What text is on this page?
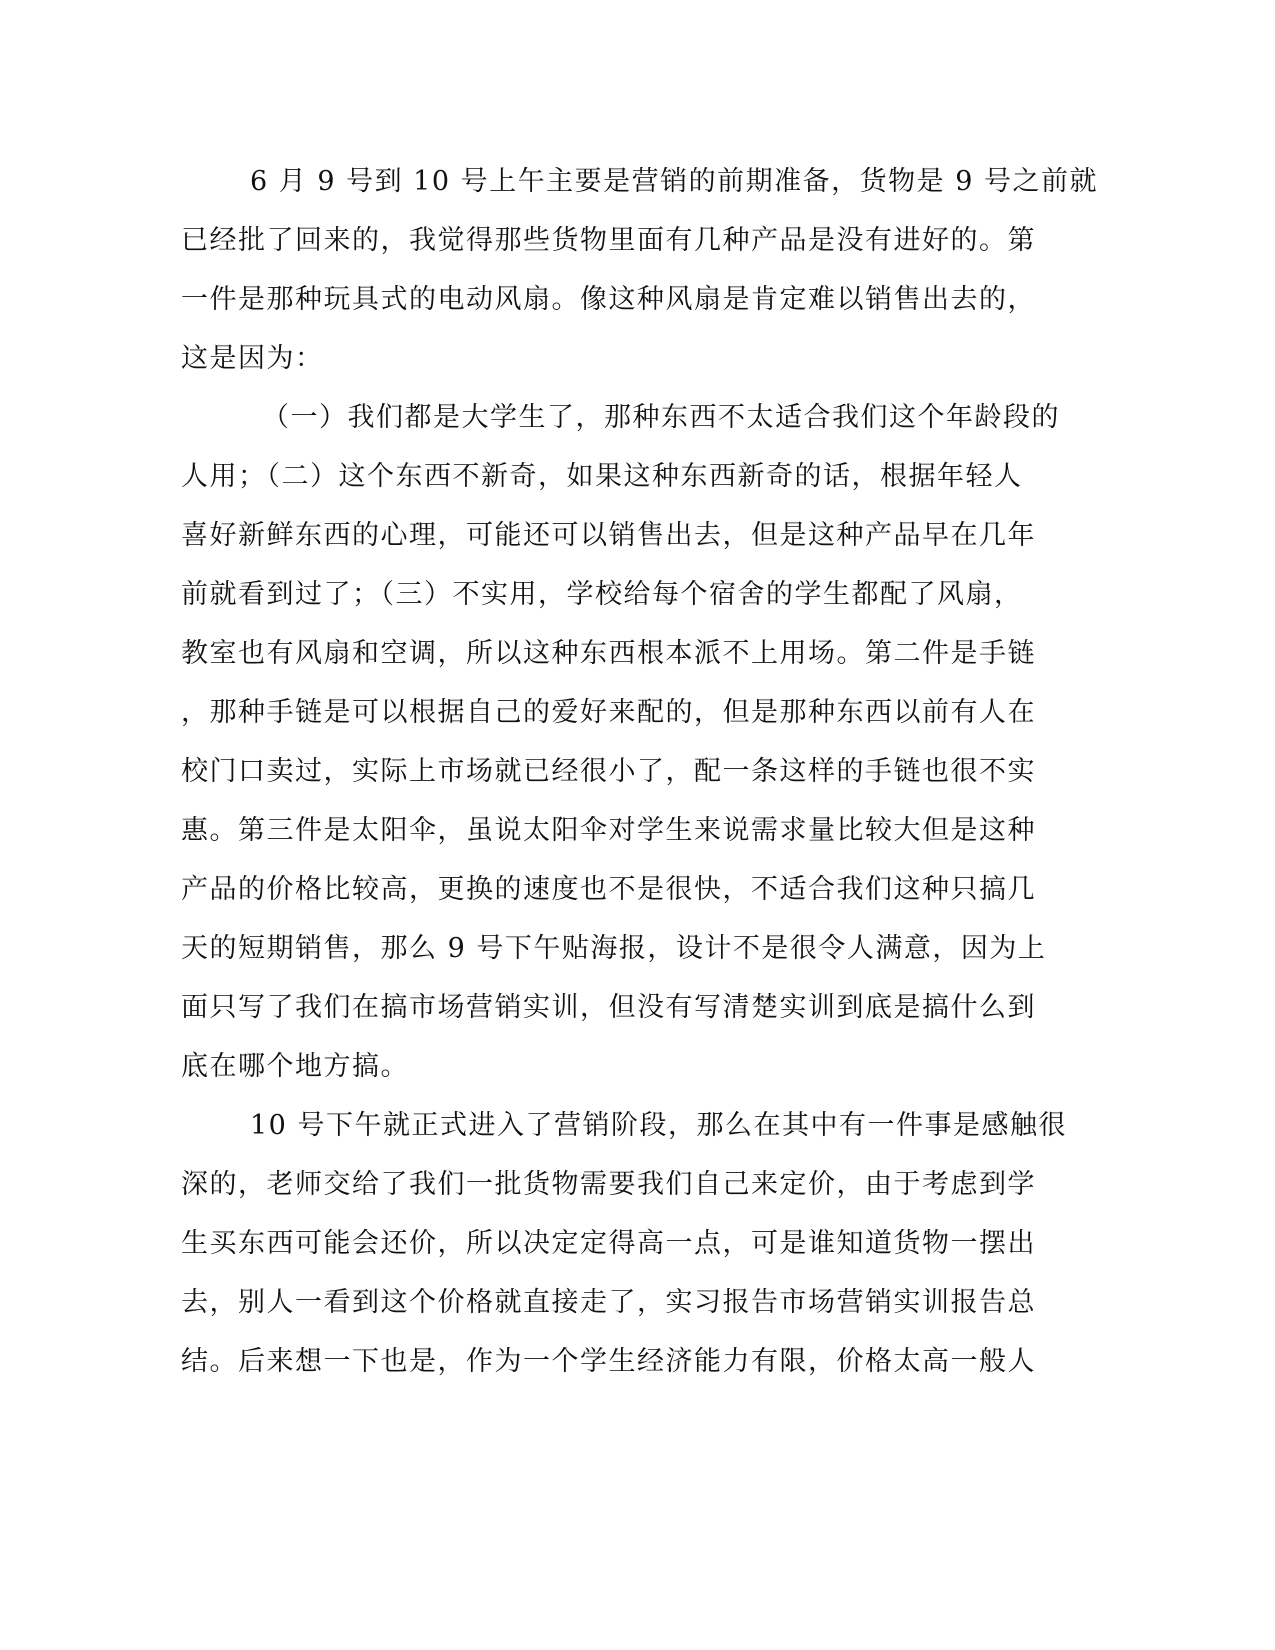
6 月 9 号到 10 号上午主要是营销的前期准备，货物是 9 号之前就

已经批了回来的，我觉得那些货物里面有几种产品是没有进好的。第

一件是那种玩具式的电动风扇。像这种风扇是肯定难以销售出去的，

这是因为：

（一）我们都是大学生了，那种东西不太适合我们这个年龄段的

人用；（二）这个东西不新奇，如果这种东西新奇的话，根据年轻人

喜好新鲜东西的心理，可能还可以销售出去，但是这种产品早在几年

前就看到过了；（三）不实用，学校给每个宿舍的学生都配了风扇，

教室也有风扇和空调，所以这种东西根本派不上用场。第二件是手链

，那种手链是可以根据自己的爱好来配的，但是那种东西以前有人在

校门口卖过，实际上市场就已经很小了，配一条这样的手链也很不实

惠。第三件是太阳伞，虽说太阳伞对学生来说需求量比较大但是这种

产品的价格比较高，更换的速度也不是很快，不适合我们这种只搞几

天的短期销售，那么 9 号下午贴海报，设计不是很令人满意，因为上

面只写了我们在搞市场营销实训，但没有写清楚实训到底是搞什么到

底在哪个地方搞。

10 号下午就正式进入了营销阶段，那么在其中有一件事是感触很

深的，老师交给了我们一批货物需要我们自己来定价，由于考虑到学

生买东西可能会还价，所以决定定得高一点，可是谁知道货物一摆出

去，别人一看到这个价格就直接走了，实习报告市场营销实训报告总

结。后来想一下也是，作为一个学生经济能力有限，价格太高一般人
